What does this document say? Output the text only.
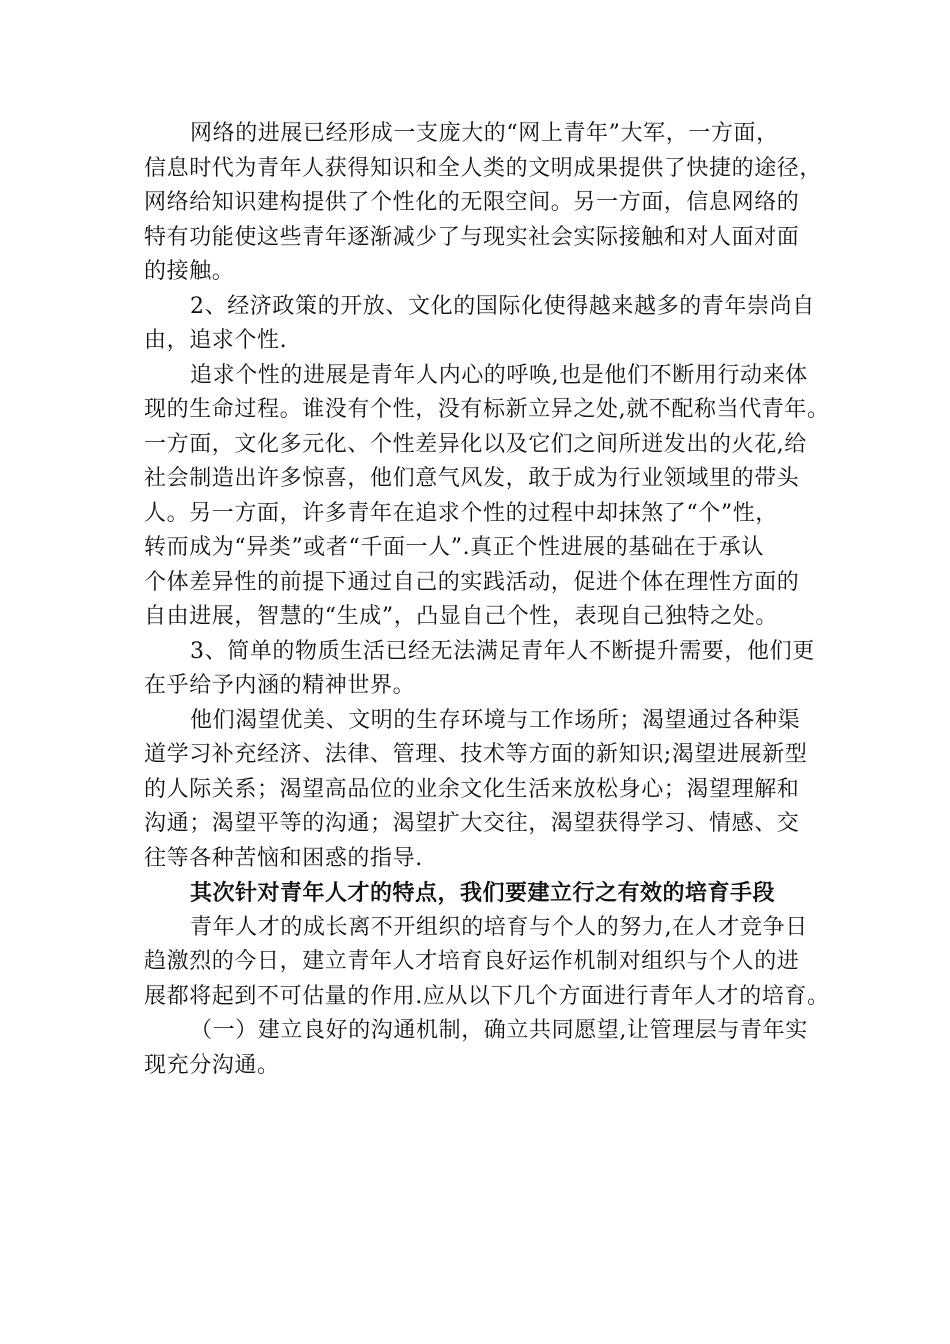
网络的进展已经形成一支庞大的“网上青年”大军，一方面，
信息时代为青年人获得知识和全人类的文明成果提供了快捷的途径，
网络给知识建构提供了个性化的无限空间。另一方面，信息网络的
特有功能使这些青年逐渐减少了与现实社会实际接触和对人面对面
的接触。
2、经济政策的开放、文化的国际化使得越来越多的青年崇尚自
由，追求个性.
追求个性的进展是青年人内心的呼唤,也是他们不断用行动来体
现的生命过程。谁没有个性，没有标新立异之处,就不配称当代青年。
一方面，文化多元化、个性差异化以及它们之间所迸发出的火花,给
社会制造出许多惊喜，他们意气风发，敢于成为行业领域里的带头
人。另一方面，许多青年在追求个性的过程中却抹煞了“个”性，
转而成为“异类”或者“千面一人”.真正个性进展的基础在于承认
个体差异性的前提下通过自己的实践活动，促进个体在理性方面的
自由进展，智慧的“生成”，凸显自己个性，表现自己独特之处。
3、简单的物质生活已经无法满足青年人不断提升需要，他们更
在乎给予内涵的精神世界。
他们渴望优美、文明的生存环境与工作场所；渴望通过各种渠
道学习补充经济、法律、管理、技术等方面的新知识;渴望进展新型
的人际关系；渴望高品位的业余文化生活来放松身心；渴望理解和
沟通；渴望平等的沟通；渴望扩大交往，渴望获得学习、情感、交
往等各种苦恼和困惑的指导.
其次针对青年人才的特点，我们要建立行之有效的培育手段
青年人才的成长离不开组织的培育与个人的努力,在人才竞争日
趋激烈的今日，建立青年人才培育良好运作机制对组织与个人的进
展都将起到不可估量的作用.应从以下几个方面进行青年人才的培育。
（一）建立良好的沟通机制，确立共同愿望,让管理层与青年实
现充分沟通。
